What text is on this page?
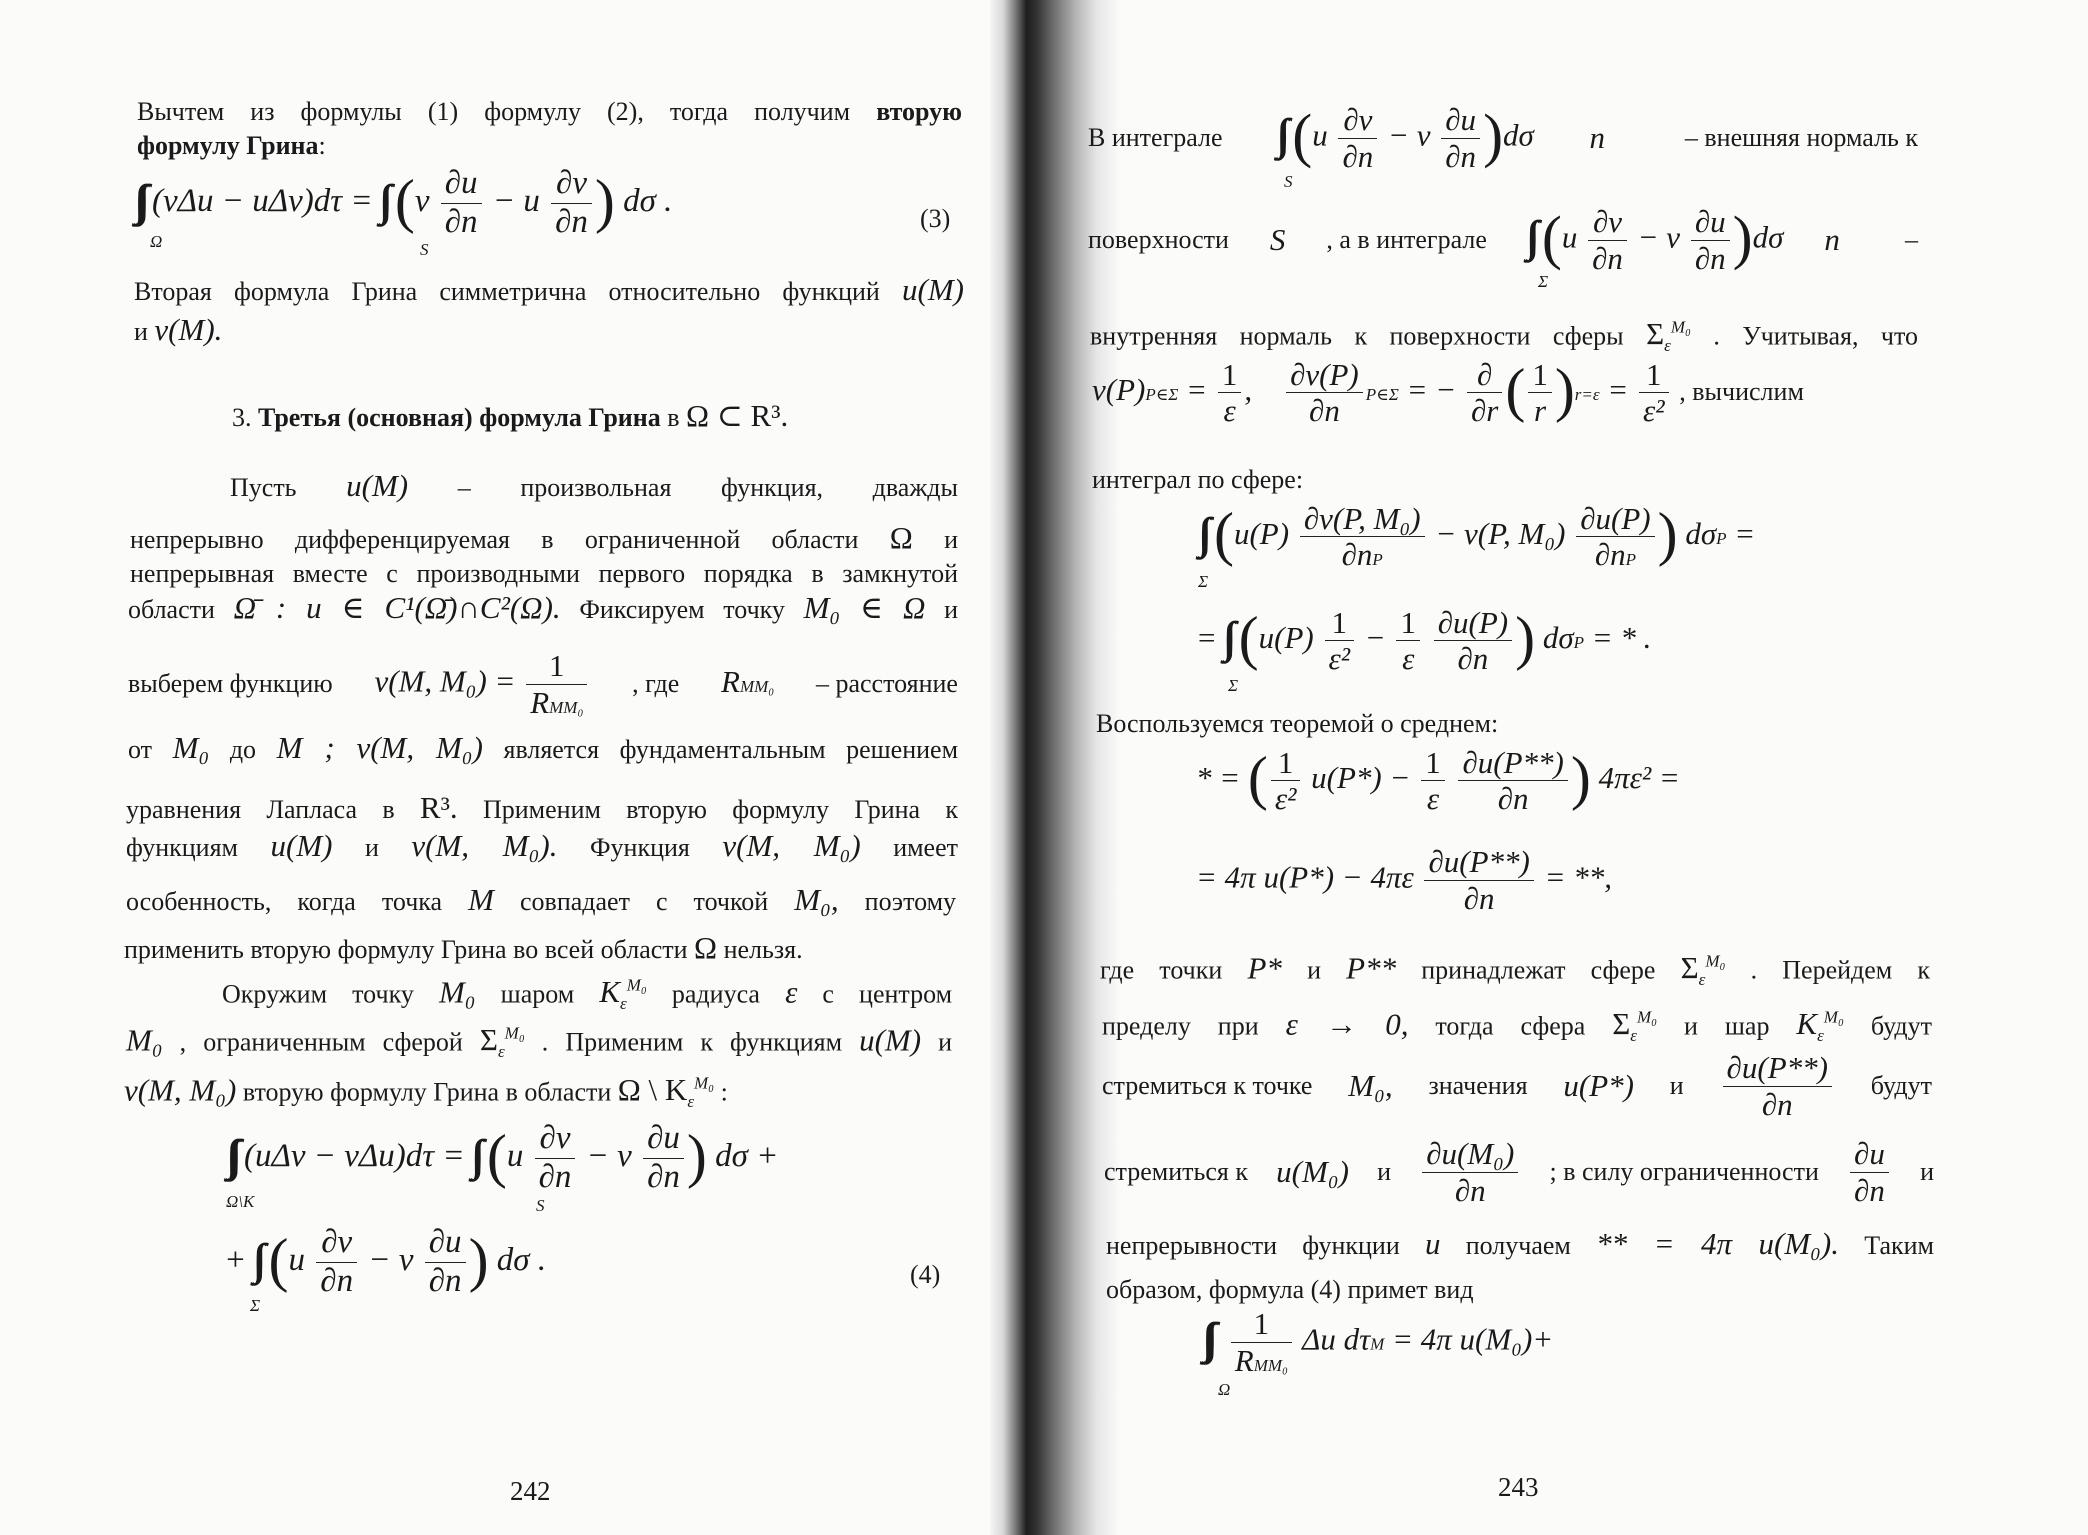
Вычтем из формулы (1) формулу (2), тогда получим вторую
формулу Грина:
$(v\Delta u - u\Delta v)d\tau = (v \frac{\partial u}{\partial n} - u \frac{\partial v}{\partial n}$ ) dσ .
Ω	S
(3)
Вторая формула Грина симметрична относительно функций u(M)
и v(M).
3. Третья (основная) формула Грина в Ω ⊂ R³.
Пусть u(M) – произвольная функция, дважды
непрерывно дифференцируемая в ограниченной области Ω и
непрерывная вместе с производными первого порядка в замкнутой
области Ω̄ : u ∈ C¹(Ω̄)∩C²(Ω). Фиксируем точку M₀ ∈ Ω и
выберем функцию v(M, $M_0) = \frac{1}{\text{RMM₀}}$ , где RMM₀ – расстояние
от M₀ до M ; v(M, M₀) является фундаментальным решением
уравнения Лапласа в R³. Применим вторую формулу Грина к
функциям u(M) и v(M, M₀). Функция v(M, M₀) имеет
особенность, когда точка M совпадает с точкой M₀, поэтому
применить вторую формулу Грина во всей области Ω нельзя.
Окружим точку M₀ шаром $K_\varepsilon^{M_0}$ радиуса ε с центром
M₀ , ограниченным сферой $\Sigma_\varepsilon^{M_0}$ . Применим к функциям u(M) и
v(M, M₀) вторую формулу Грина в области Ω \ $K_\varepsilon^{M_0}$ :
$(u\Delta v - v\Delta u)d\tau = (u \frac{\partial v}{\partial n} - v \frac{\partial u}{\partial n}$ ) dσ +
Ω\K	S
+ ($u \frac{\partial v}{\partial n} - v \frac{\partial u}{\partial n}$ ) dσ .
Σ
(4)
242
В интеграле $(u \frac{\partial v}{\partial n} - v \frac{\partial u}{\partial n} )d\sigma$ n⃗ – внешняя нормаль к
S
поверхности S , а в интеграле $(u \frac{\partial v}{\partial n} - v \frac{\partial u}{\partial n} )d\sigma$ n⃗ –
Σ
внутренняя нормаль к поверхности сферы $\Sigma_\varepsilon^{M_0}$ . Учитывая, что
v(P)P∈Σ = $\frac{1}{\varepsilon}$ , $\frac{\partial v(P)}{\partial n}$ P∈Σ = − $\frac{\partial}{\partial r}$ ( $\frac{1}{r} )r=\varepsilon = \frac{1}{\text{ε²}}$ , вычислим
интеграл по сфере:
($u(P) \frac{\text{∂v(P, M₀)}}{\partial nP} - v(P$, $M_0) \frac{\partial u(P)}{\partial nP}$ ) dσP =
Σ
= ($u(P) \frac{1}{\text{ε²}} - \frac{1}{\varepsilon}$
$\frac{\partial u(P)}{\partial n}$ ) dσP = * .
Σ
Воспользуемся теоремой о среднем:
* = ( $\frac{1}{\text{ε²}} u(P*) - \frac{1}{\varepsilon}$
$\frac{\partial u(P**)}{\partial n}$ ) 4πε² =
= 4π $u(P*) - 4\pi\varepsilon \frac{\partial u(P**)}{\partial n}$ = **,
где точки P* и P** принадлежат сфере $\Sigma_\varepsilon^{M_0}$ . Перейдем к
пределу при ε → 0, тогда сфера $\Sigma_\varepsilon^{M_0}$ и шар $K_\varepsilon^{M_0}$ будут
стремиться к точке M₀, значения u(P*) и $\frac{\partial u(P**)}{\partial n}$ будут
стремиться к u(M₀) и $\frac{\text{∂u(M₀)}}{\partial n}$ ; в силу ограниченности $\frac{\partial u}{\partial n}$ и
непрерывности функции u получаем ** = 4π u(M₀). Таким
образом, формула (4) примет вид
$\frac{1}{\text{RMM₀}}$ Δu dτM = 4π u(M₀)+
Ω
243
